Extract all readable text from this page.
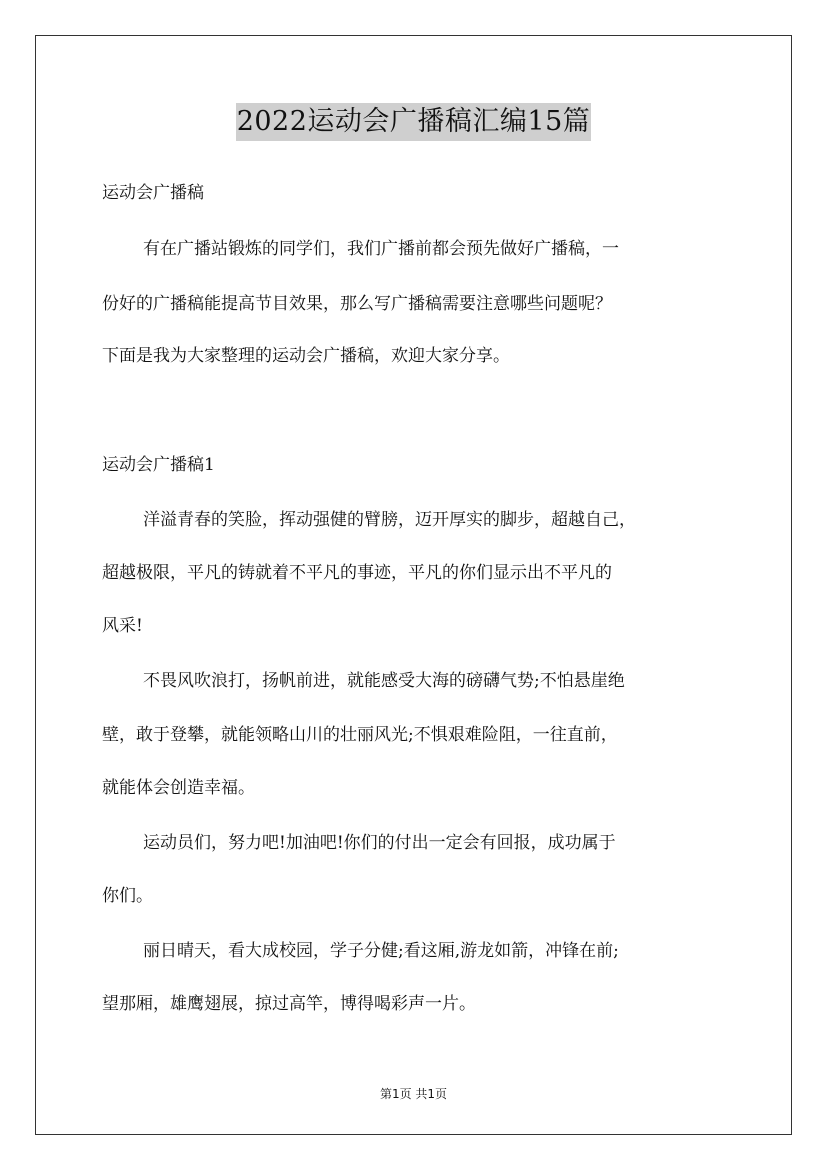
2022运动会广播稿汇编15篇
运动会广播稿
有在广播站锻炼的同学们，我们广播前都会预先做好广播稿，一
份好的广播稿能提高节目效果，那么写广播稿需要注意哪些问题呢？
下面是我为大家整理的运动会广播稿，欢迎大家分享。
运动会广播稿1
洋溢青春的笑脸，挥动强健的臂膀，迈开厚实的脚步，超越自己，
超越极限，平凡的铸就着不平凡的事迹，平凡的你们显示出不平凡的
风采!
不畏风吹浪打，扬帆前进，就能感受大海的磅礴气势;不怕悬崖绝
壁，敢于登攀，就能领略山川的壮丽风光;不惧艰难险阻，一往直前，
就能体会创造幸福。
运动员们，努力吧!加油吧!你们的付出一定会有回报，成功属于
你们。
丽日晴天，看大成校园，学子分健;看这厢,游龙如箭，冲锋在前;
望那厢，雄鹰翅展，掠过高竿，博得喝彩声一片。
第1页 共1页
